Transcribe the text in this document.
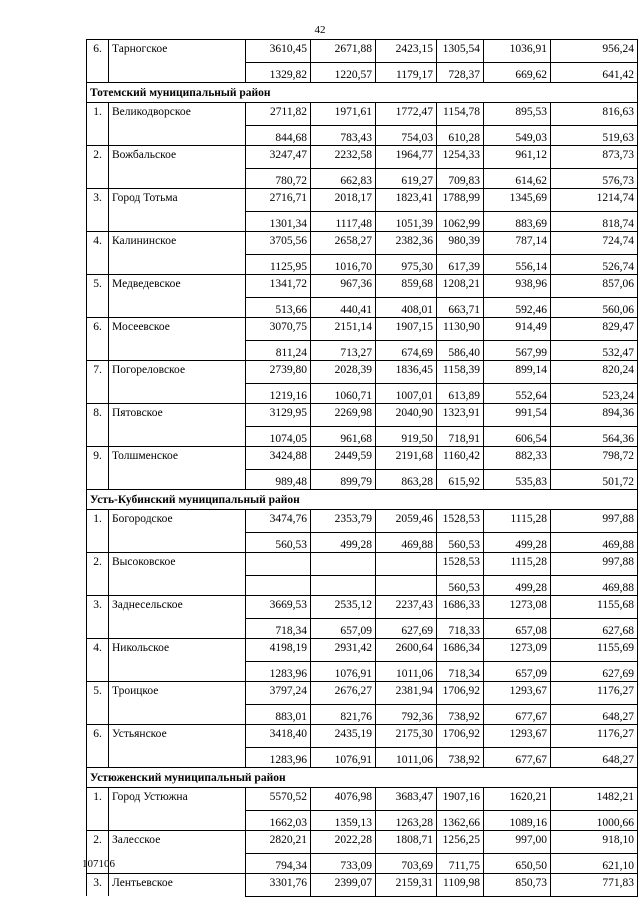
42
6.	Тарногское	3610,45	2671,88	2423,15	1305,54	1036,91	956,24
		1329,82	1220,57	1179,17	728,37	669,62	641,42
Тотемский муниципальный район							
1.	Великодворское	2711,82	1971,61	1772,47	1154,78	895,53	816,63
		844,68	783,43	754,03	610,28	549,03	519,63
2.	Вожбальское	3247,47	2232,58	1964,77	1254,33	961,12	873,73
		780,72	662,83	619,27	709,83	614,62	576,73
3.	Город Тотьма	2716,71	2018,17	1823,41	1788,99	1345,69	1214,74
		1301,34	1117,48	1051,39	1062,99	883,69	818,74
4.	Калининское	3705,56	2658,27	2382,36	980,39	787,14	724,74
		1125,95	1016,70	975,30	617,39	556,14	526,74
5.	Медведевское	1341,72	967,36	859,68	1208,21	938,96	857,06
		513,66	440,41	408,01	663,71	592,46	560,06
6.	Мосеевское	3070,75	2151,14	1907,15	1130,90	914,49	829,47
		811,24	713,27	674,69	586,40	567,99	532,47
7.	Погореловское	2739,80	2028,39	1836,45	1158,39	899,14	820,24
		1219,16	1060,71	1007,01	613,89	552,64	523,24
8.	Пятовское	3129,95	2269,98	2040,90	1323,91	991,54	894,36
		1074,05	961,68	919,50	718,91	606,54	564,36
9.	Толшменское	3424,88	2449,59	2191,68	1160,42	882,33	798,72
		989,48	899,79	863,28	615,92	535,83	501,72
Усть-Кубинский муниципальный район							
1.	Богородское	3474,76	2353,79	2059,46	1528,53	1115,28	997,88
		560,53	499,28	469,88	560,53	499,28	469,88
2.	Высоковское				1528,53	1115,28	997,88
					560,53	499,28	469,88
3.	Заднесельское	3669,53	2535,12	2237,43	1686,33	1273,08	1155,68
		718,34	657,09	627,69	718,33	657,08	627,68
4.	Никольское	4198,19	2931,42	2600,64	1686,34	1273,09	1155,69
		1283,96	1076,91	1011,06	718,34	657,09	627,69
5.	Троицкое	3797,24	2676,27	2381,94	1706,92	1293,67	1176,27
		883,01	821,76	792,36	738,92	677,67	648,27
6.	Устьянское	3418,40	2435,19	2175,30	1706,92	1293,67	1176,27
		1283,96	1076,91	1011,06	738,92	677,67	648,27
Устюженский муниципальный район							
1.	Город Устюжна	5570,52	4076,98	3683,47	1907,16	1620,21	1482,21
		1662,03	1359,13	1263,28	1362,66	1089,16	1000,66
2.	Залесское	2820,21	2022,28	1808,71	1256,25	997,00	918,10
		794,34	733,09	703,69	711,75	650,50	621,10
3.	Лентьевское	3301,76	2399,07	2159,31	1109,98	850,73	771,83
107106
